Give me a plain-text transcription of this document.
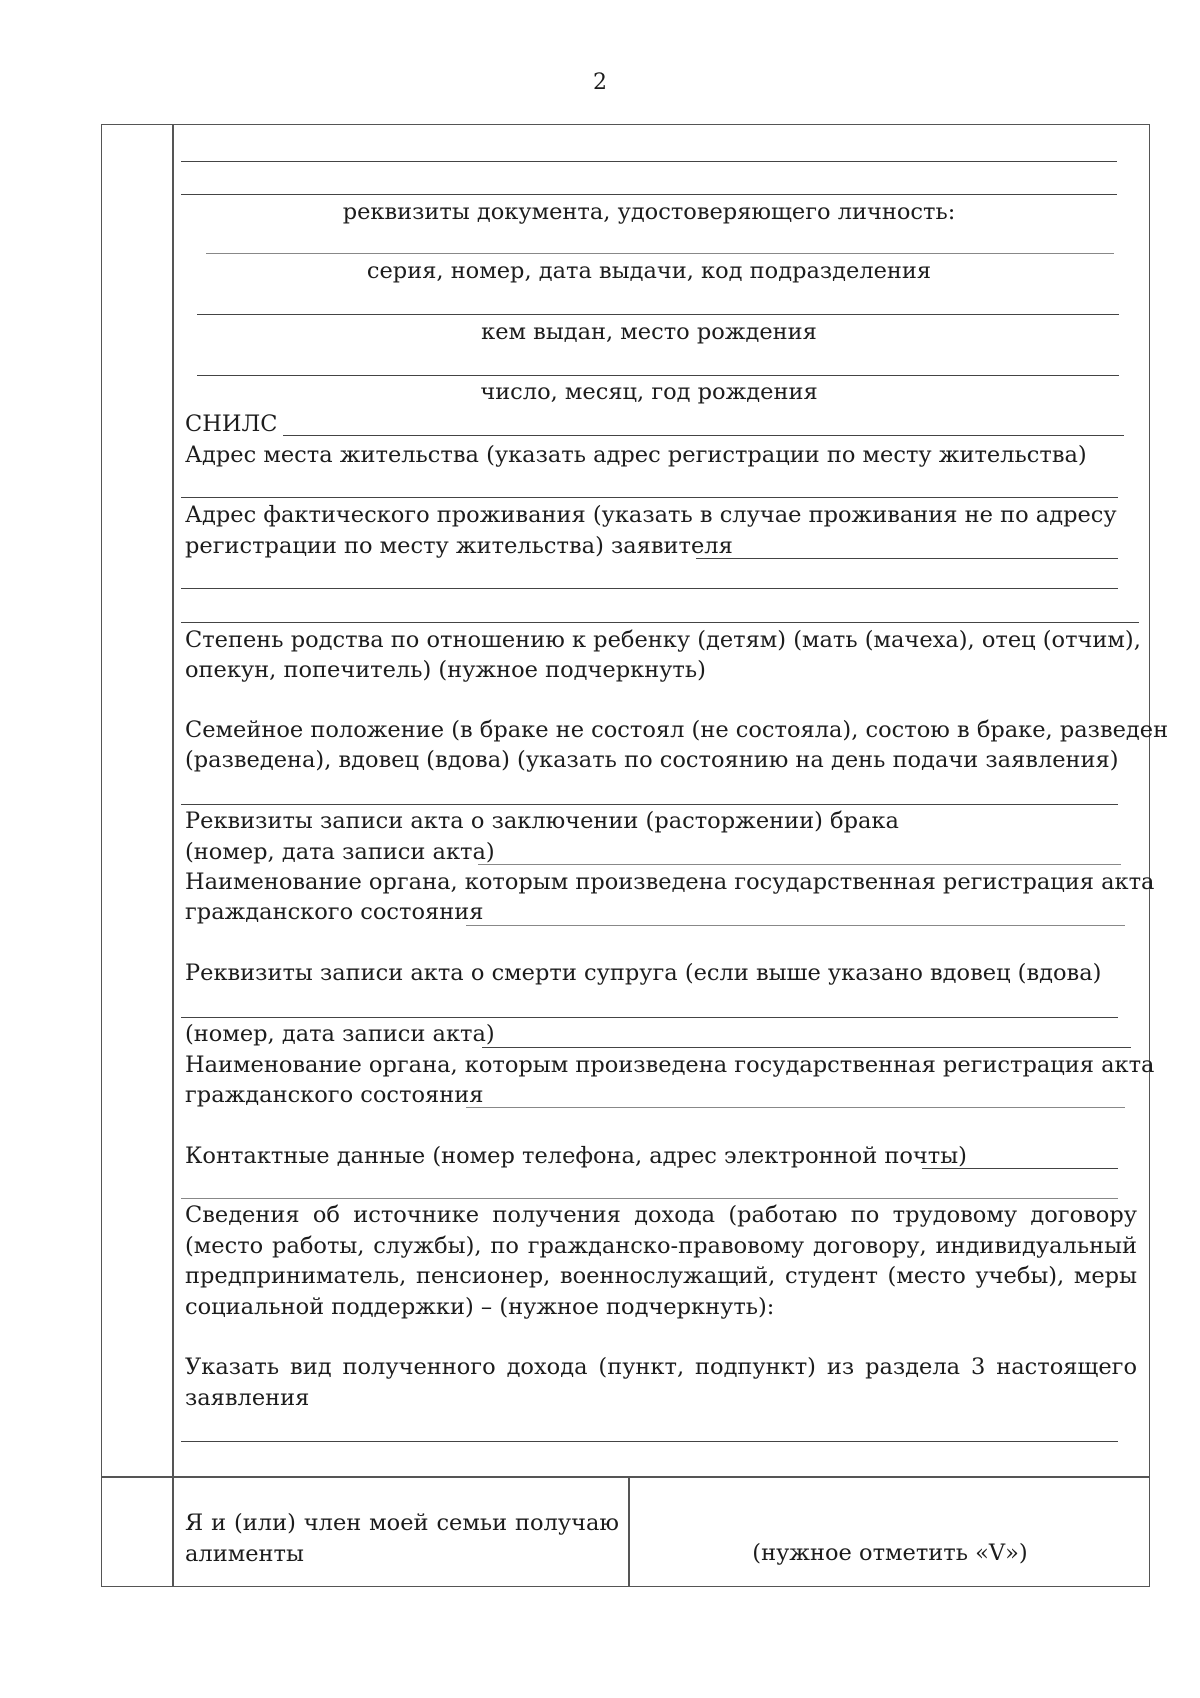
2
реквизиты документа, удостоверяющего личность:
серия, номер, дата выдачи, код подразделения
кем выдан, место рождения
число, месяц, год рождения
СНИЛС
Адрес места жительства (указать адрес регистрации по месту жительства)
Адрес фактического проживания (указать в случае проживания не по адресу
регистрации по месту жительства) заявителя
Степень родства по отношению к ребенку (детям) (мать (мачеха), отец (отчим),
опекун, попечитель) (нужное подчеркнуть)
Семейное положение (в браке не состоял (не состояла), состою в браке, разведен
(разведена), вдовец (вдова) (указать по состоянию на день подачи заявления)
Реквизиты записи акта о заключении (расторжении) брака
(номер, дата записи акта)
Наименование органа, которым произведена государственная регистрация акта
гражданского состояния
Реквизиты записи акта о смерти супруга (если выше указано вдовец (вдова)
(номер, дата записи акта)
Наименование органа, которым произведена государственная регистрация акта
гражданского состояния
Контактные данные (номер телефона, адрес электронной почты)
Сведения об источнике получения дохода (работаю по трудовому договору (место работы, службы), по гражданско-правовому договору, индивидуальный предприниматель, пенсионер, военнослужащий, студент (место учебы), меры социальной поддержки) – (нужное подчеркнуть):
Указать вид полученного дохода (пункт, подпункт) из раздела 3 настоящего заявления
Я и (или) член моей семьи получаю алименты	(нужное отметить «V»)
